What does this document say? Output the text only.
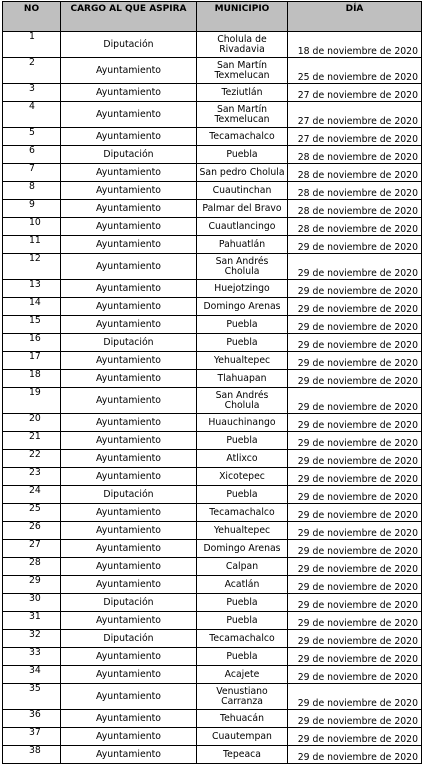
NO	CARGO AL QUE ASPIRA	MUNICIPIO	DÍA
1	Diputación	Cholula de Rivadavia	18 de noviembre de 2020
2	Ayuntamiento	San Martín Texmelucan	25 de noviembre de 2020
3	Ayuntamiento	Teziutlán	27 de noviembre de 2020
4	Ayuntamiento	San Martín Texmelucan	27 de noviembre de 2020
5	Ayuntamiento	Tecamachalco	27 de noviembre de 2020
6	Diputación	Puebla	28 de noviembre de 2020
7	Ayuntamiento	San pedro Cholula	28 de noviembre de 2020
8	Ayuntamiento	Cuautinchan	28 de noviembre de 2020
9	Ayuntamiento	Palmar del Bravo	28 de noviembre de 2020
10	Ayuntamiento	Cuautlancingo	28 de noviembre de 2020
11	Ayuntamiento	Pahuatlán	29 de noviembre de 2020
12	Ayuntamiento	San Andrés Cholula	29 de noviembre de 2020
13	Ayuntamiento	Huejotzingo	29 de noviembre de 2020
14	Ayuntamiento	Domingo Arenas	29 de noviembre de 2020
15	Ayuntamiento	Puebla	29 de noviembre de 2020
16	Diputación	Puebla	29 de noviembre de 2020
17	Ayuntamiento	Yehualtepec	29 de noviembre de 2020
18	Ayuntamiento	Tlahuapan	29 de noviembre de 2020
19	Ayuntamiento	San Andrés Cholula	29 de noviembre de 2020
20	Ayuntamiento	Huauchinango	29 de noviembre de 2020
21	Ayuntamiento	Puebla	29 de noviembre de 2020
22	Ayuntamiento	Atlixco	29 de noviembre de 2020
23	Ayuntamiento	Xicotepec	29 de noviembre de 2020
24	Diputación	Puebla	29 de noviembre de 2020
25	Ayuntamiento	Tecamachalco	29 de noviembre de 2020
26	Ayuntamiento	Yehualtepec	29 de noviembre de 2020
27	Ayuntamiento	Domingo Arenas	29 de noviembre de 2020
28	Ayuntamiento	Calpan	29 de noviembre de 2020
29	Ayuntamiento	Acatlán	29 de noviembre de 2020
30	Diputación	Puebla	29 de noviembre de 2020
31	Ayuntamiento	Puebla	29 de noviembre de 2020
32	Diputación	Tecamachalco	29 de noviembre de 2020
33	Ayuntamiento	Puebla	29 de noviembre de 2020
34	Ayuntamiento	Acajete	29 de noviembre de 2020
35	Ayuntamiento	Venustiano Carranza	29 de noviembre de 2020
36	Ayuntamiento	Tehuacán	29 de noviembre de 2020
37	Ayuntamiento	Cuautempan	29 de noviembre de 2020
38	Ayuntamiento	Tepeaca	29 de noviembre de 2020
